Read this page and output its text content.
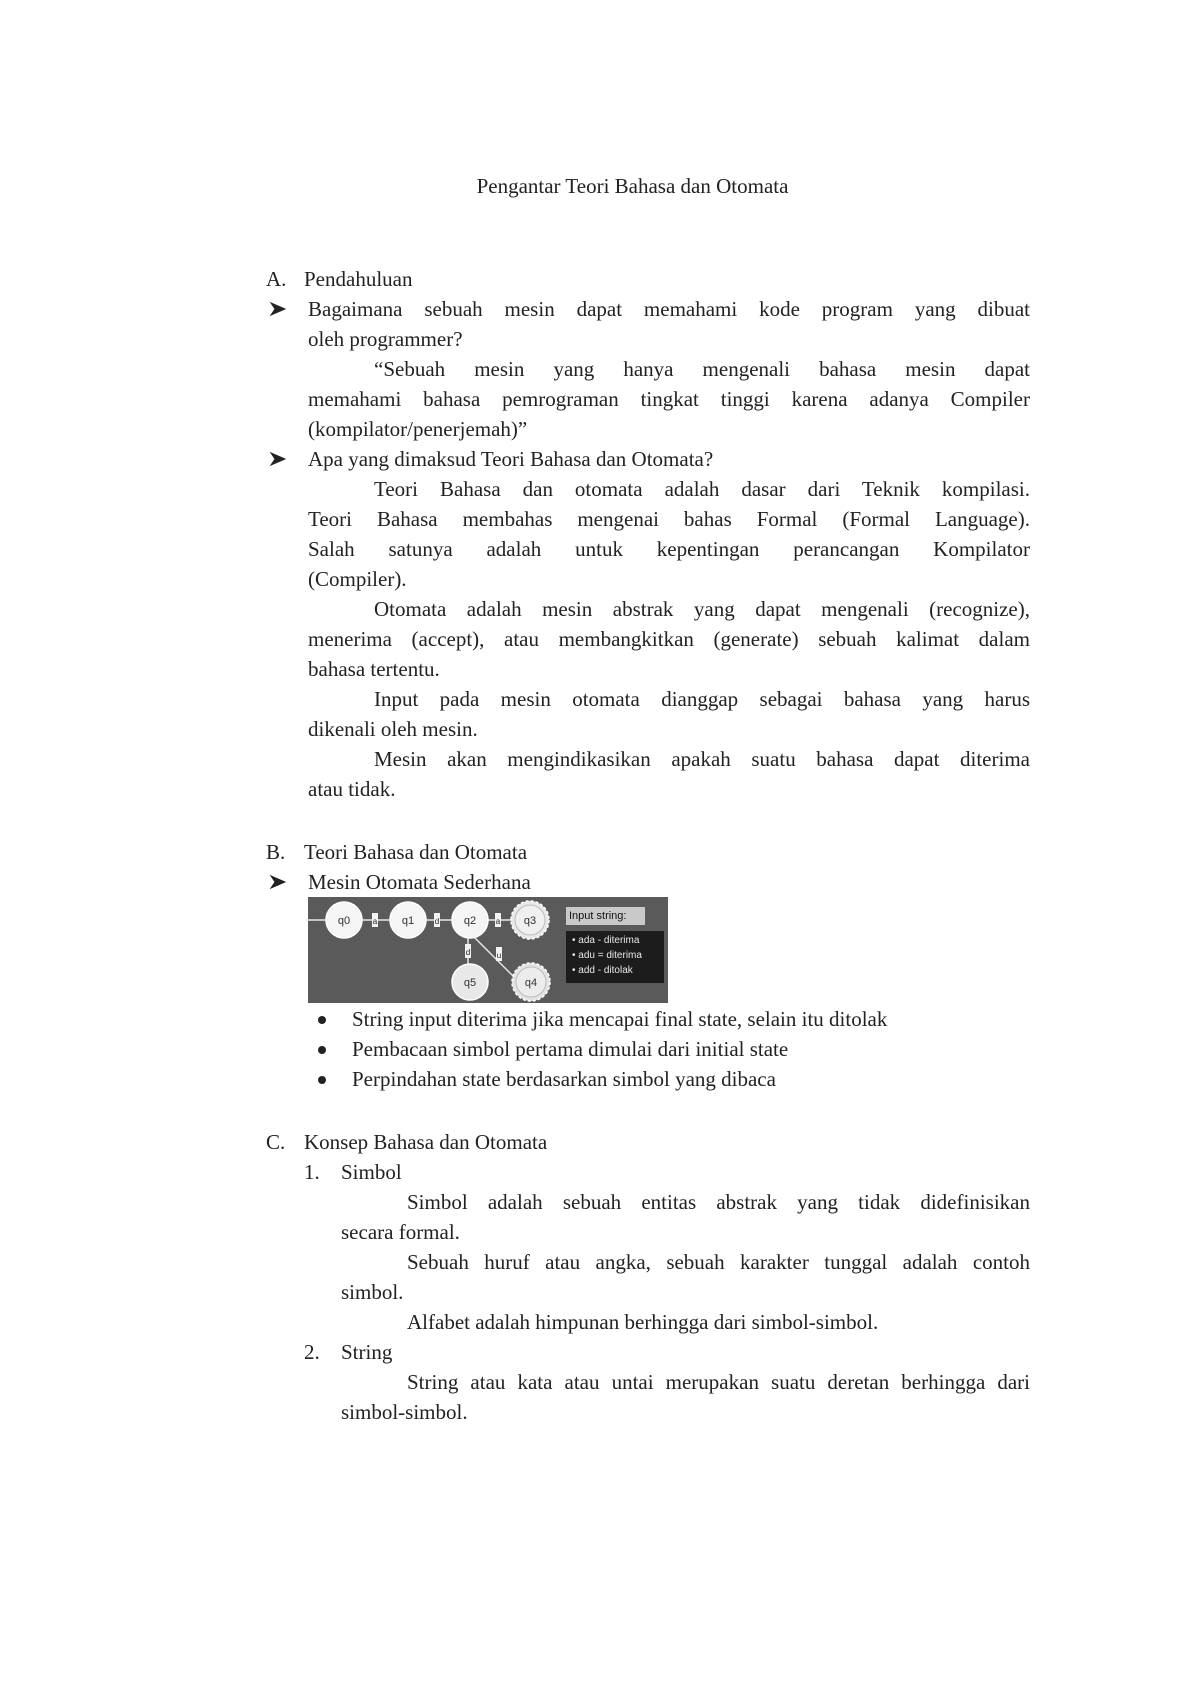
Pengantar Teori Bahasa dan Otomata
A. Pendahuluan
Bagaimana sebuah mesin dapat memahami kode program yang dibuat
oleh programmer?
“Sebuah mesin yang hanya mengenali bahasa mesin dapat
memahami bahasa pemrograman tingkat tinggi karena adanya Compiler
(kompilator/penerjemah)”
Apa yang dimaksud Teori Bahasa dan Otomata?
Teori Bahasa dan otomata adalah dasar dari Teknik kompilasi.
Teori Bahasa membahas mengenai bahas Formal (Formal Language).
Salah satunya adalah untuk kepentingan perancangan Kompilator
(Compiler).
Otomata adalah mesin abstrak yang dapat mengenali (recognize),
menerima (accept), atau membangkitkan (generate) sebuah kalimat dalam
bahasa tertentu.
Input pada mesin otomata dianggap sebagai bahasa yang harus
dikenali oleh mesin.
Mesin akan mengindikasikan apakah suatu bahasa dapat diterima
atau tidak.
B. Teori Bahasa dan Otomata
Mesin Otomata Sederhana
q0	q1	q2	q3
q4
q5
a	d	a
d	u
Input string:
• ada - diterima
• adu = diterima
• add - ditolak
String input diterima jika mencapai final state, selain itu ditolak
Pembacaan simbol pertama dimulai dari initial state
Perpindahan state berdasarkan simbol yang dibaca
C. Konsep Bahasa dan Otomata
1. Simbol
Simbol adalah sebuah entitas abstrak yang tidak didefinisikan
secara formal.
Sebuah huruf atau angka, sebuah karakter tunggal adalah contoh
simbol.
Alfabet adalah himpunan berhingga dari simbol-simbol.
2. String
String atau kata atau untai merupakan suatu deretan berhingga dari
simbol-simbol.
